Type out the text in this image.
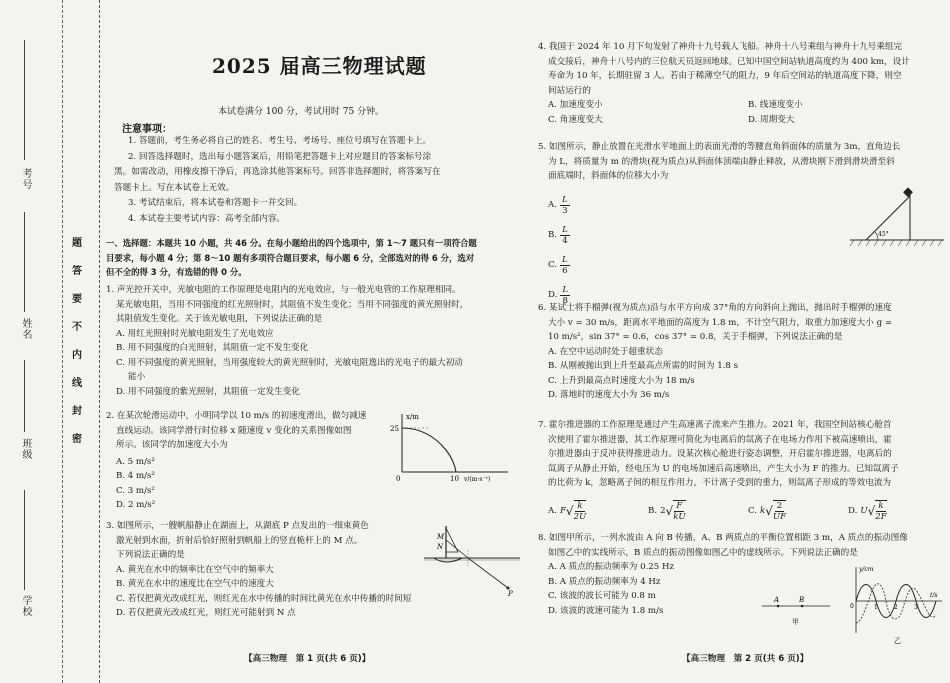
考号
姓名
班级
学校
题
答
要
不
内
线
封
密
2025 届高三物理试题
本试卷满分 100 分，考试用时 75 分钟。
注意事项：

1. 答题前，考生务必将自己的姓名、考生号、考场号、座位号填写在答题卡上。

2. 回答选择题时，选出每小题答案后，用铅笔把答题卡上对应题目的答案标号涂

黑。如需改动，用橡皮擦干净后，再选涂其他答案标号。回答非选择题时，将答案写在

答题卡上。写在本试卷上无效。

3. 考试结束后，将本试卷和答题卡一并交回。

4. 本试卷主要考试内容：高考全部内容。

一、选择题：本题共 10 小题，共 46 分。在每小题给出的四个选项中，第 1～7 题只有一项符合题

目要求，每小题 4 分；第 8～10 题有多项符合题目要求，每小题 6 分，全部选对的得 6 分，选对

但不全的得 3 分，有选错的得 0 分。

1. 声光控开关中，光敏电阻的工作原理是电阻内的光电效应，与一般光电管的工作原理相同。

某光敏电阻，当用不同强度的红光照射时，其阻值不发生变化；当用不同强度的黄光照射时，

其阻值发生变化。关于该光敏电阻，下列说法正确的是

A. 用红光照射时光敏电阻发生了光电效应

B. 用不同强度的白光照射，其阻值一定不发生变化

C. 用不同强度的黄光照射，当用强度较大的黄光照射时，光敏电阻逸出的光电子的最大初动

能小

D. 用不同强度的紫光照射，其阻值一定发生变化

2. 在某次轮滑运动中，小明同学以 10 m/s 的初速度滑出，做匀减速

直线运动。该同学滑行时位移 x 随速度 v 变化的关系图像如图

所示。该同学的加速度大小为

A. 5 m/s²

B. 4 m/s²

C. 3 m/s²

D. 2 m/s²

x/m
25
0	10 v/(m·s⁻¹)

3. 如图所示，一艘帆船静止在湖面上，从湖底 P 点发出的一细束黄色

激光射到水面，折射后恰好照射到帆船上的竖直桅杆上的 M 点。

下列说法正确的是

A. 黄光在水中的频率比在空气中的频率大

B. 黄光在水中的速度比在空气中的速度大

C. 若仅把黄光改成红光，则红光在水中传播的时间比黄光在水中传播的时间短

D. 若仅把黄光改成红光，则红光可能射到 N 点

M
N
P
【高三物理　第 1 页(共 6 页)】

4. 我国于 2024 年 10 月下旬发射了神舟十九号载人飞船。神舟十八号乘组与神舟十九号乘组完

成交接后，神舟十八号内的三位航天员返回地球。已知中国空间站轨道高度约为 400 km，设计

寿命为 10 年，长期驻留 3 人。若由于稀薄空气的阻力，9 年后空间站的轨道高度下降，则空

间站运行的

A. 加速度变小	B. 线速度变小
C. 角速度变大	D. 周期变大

5. 如图所示，静止放置在光滑水平地面上的表面光滑的等腰直角斜面体的质量为 3m，直角边长

为 L，将质量为 m 的滑块(视为质点)从斜面体顶端由静止释放，从滑块刚下滑到滑块滑至斜

面底端时，斜面体的位移大小为

A.
L
3
B.
L
4
C.
L
6
D.
L
8
45°

6. 某试士将手榴弹(视为质点)沿与水平方向成 37°角的方向斜向上抛出，抛出时手榴弹的速度

大小 v = 30 m/s，距离水平地面的高度为 1.8 m，不计空气阻力，取重力加速度大小 g =

10 m/s²，sin 37° = 0.6，cos 37° = 0.8，关于手榴弹，下列说法正确的是

A. 在空中运动时处于超重状态

B. 从刚被抛出到上升至最高点所需的时间为 1.8 s

C. 上升到最高点时速度大小为 18 m/s

D. 落地时的速度大小为 36 m/s

7. 霍尔推进器的工作原理是通过产生高速离子流来产生推力。2021 年，我国空间站核心舱首

次使用了霍尔推进器，其工作原理可简化为电离后的氙离子在电场力作用下被高速喷出，霍

尔推进器由于反冲获得推进动力。设某次核心舱进行姿态调整，开启霍尔推进器，电离后的

氙离子从静止开始，经电压为 U 的电场加速后高速喷出，产生大小为 F 的推力。已知氙离子

的比荷为 k，忽略离子间的相互作用力，不计离子受到的重力，则氙离子形成的等效电流为

A. F √ k
2U
B. 2 √ F
kU
C. k √ 2
UF
D. U √ k
2F

8. 如图甲所示，一列水波由 A 向 B 传播，A、B 两质点的平衡位置相距 3 m，A 质点的振动图像

如图乙中的实线所示，B 质点的振动图像如图乙中的虚线所示。下列说法正确的是

A. A 质点的振动频率为 0.25 Hz

B. A 质点的振动频率为 4 Hz

C. 该波的波长可能为 0.8 m

D. 该波的波速可能为 1.8 m/s

A	B
甲
y/cm
t/s
0	1	2	3
乙
【高三物理　第 2 页(共 6 页)】
